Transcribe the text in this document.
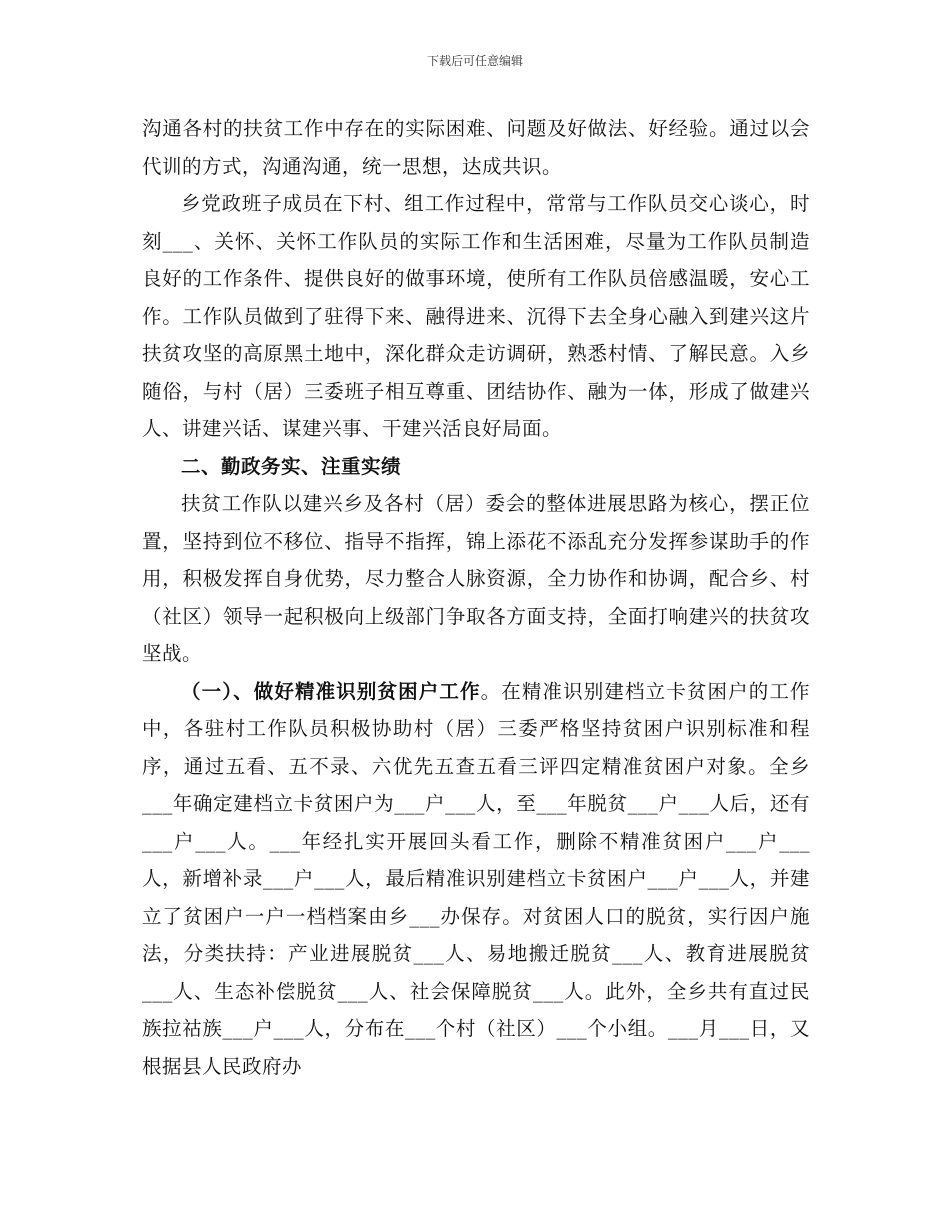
下载后可任意编辑

沟通各村的扶贫工作中存在的实际困难、问题及好做法、好经验。通过以会代训的方式，沟通沟通，统一思想，达成共识。

乡党政班子成员在下村、组工作过程中，常常与工作队员交心谈心，时刻___、关怀、关怀工作队员的实际工作和生活困难，尽量为工作队员制造良好的工作条件、提供良好的做事环境，使所有工作队员倍感温暖，安心工作。工作队员做到了驻得下来、融得进来、沉得下去全身心融入到建兴这片扶贫攻坚的高原黑土地中，深化群众走访调研，熟悉村情、了解民意。入乡随俗，与村（居）三委班子相互尊重、团结协作、融为一体，形成了做建兴人、讲建兴话、谋建兴事、干建兴活良好局面。

二、勤政务实、注重实绩

扶贫工作队以建兴乡及各村（居）委会的整体进展思路为核心，摆正位置，坚持到位不移位、指导不指挥，锦上添花不添乱充分发挥参谋助手的作用，积极发挥自身优势，尽力整合人脉资源，全力协作和协调，配合乡、村（社区）领导一起积极向上级部门争取各方面支持，全面打响建兴的扶贫攻坚战。

（一）、做好精准识别贫困户工作。在精准识别建档立卡贫困户的工作中，各驻村工作队员积极协助村（居）三委严格坚持贫困户识别标准和程序，通过五看、五不录、六优先五查五看三评四定精准贫困户对象。全乡___年确定建档立卡贫困户为___户___人，至___年脱贫___户___人后，还有___户___人。___年经扎实开展回头看工作，删除不精准贫困户___户___人，新增补录___户___人，最后精准识别建档立卡贫困户___户___人，并建立了贫困户一户一档档案由乡___办保存。对贫困人口的脱贫，实行因户施法，分类扶持：产业进展脱贫___人、易地搬迁脱贫___人、教育进展脱贫___人、生态补偿脱贫___人、社会保障脱贫___人。此外，全乡共有直过民族拉祜族___户___人，分布在___个村（社区）___个小组。___月___日，又根据县人民政府办
